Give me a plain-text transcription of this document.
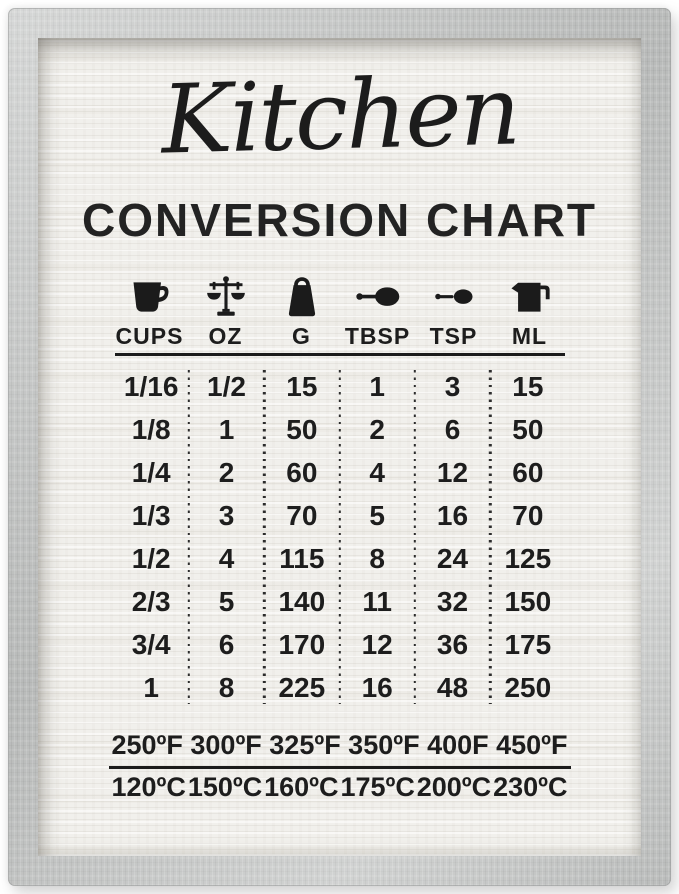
Kitchen
CONVERSION CHART
CUPS OZ G TBSP TSP ML
1/16	1/2	15	1	3	15
1/8	1	50	2	6	50
1/4	2	60	4	12	60
1/3	3	70	5	16	70
1/2	4	115	8	24	125
2/3	5	140	11	32	150
3/4	6	170	12	36	175
1	8	225	16	48	250
250ºF 300ºF 325ºF 350ºF 400F 450ºF
120ºC 150ºC 160ºC 175ºC 200ºC 230ºC
